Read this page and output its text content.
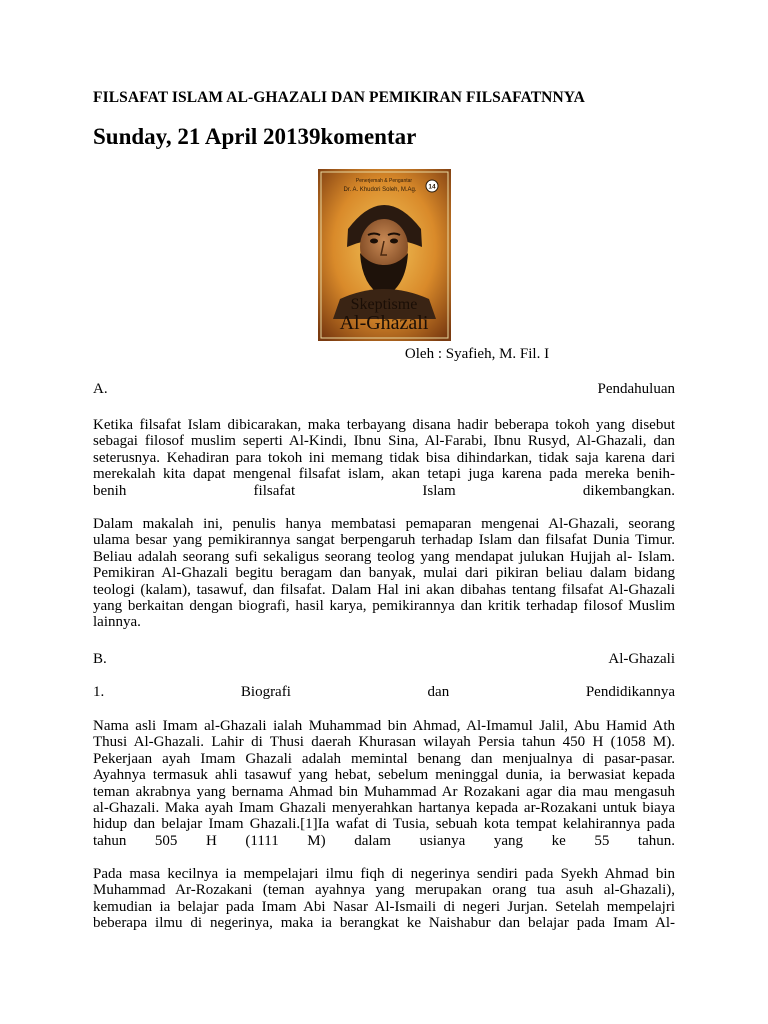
FILSAFAT ISLAM AL-GHAZALI DAN PEMIKIRAN FILSAFATNNYA
Sunday, 21 April 20139komentar
Penerjemah & Pengantar
Dr. A. Khudori Soleh, M.Ag. 14
Skeptisme
Al-Ghazali
Oleh : Syafieh, M. Fil. I
A.	Pendahuluan
Ketika filsafat Islam dibicarakan, maka terbayang disana hadir beberapa tokoh yang disebut
sebagai filosof muslim seperti Al-Kindi, Ibnu Sina, Al-Farabi, Ibnu Rusyd, Al-Ghazali, dan
seterusnya. Kehadiran para tokoh ini memang tidak bisa dihindarkan, tidak saja karena dari
merekalah kita dapat mengenal filsafat islam, akan tetapi juga karena pada mereka benih-
benih filsafat Islam dikembangkan.
Dalam makalah ini, penulis hanya membatasi pemaparan mengenai Al-Ghazali, seorang
ulama besar yang pemikirannya sangat berpengaruh terhadap Islam dan filsafat Dunia Timur.
Beliau adalah seorang sufi sekaligus seorang teolog yang mendapat julukan Hujjah al- Islam.
Pemikiran Al-Ghazali begitu beragam dan banyak, mulai dari pikiran beliau dalam bidang
teologi (kalam), tasawuf, dan filsafat. Dalam Hal ini akan dibahas tentang filsafat Al-Ghazali
yang berkaitan dengan biografi, hasil karya, pemikirannya dan kritik terhadap filosof Muslim
lainnya.
B.	Al-Ghazali
1.	Biografi	dan	Pendidikannya
Nama asli Imam al-Ghazali ialah Muhammad bin Ahmad, Al-Imamul Jalil, Abu Hamid Ath
Thusi Al-Ghazali. Lahir di Thusi daerah Khurasan wilayah Persia tahun 450 H (1058 M).
Pekerjaan ayah Imam Ghazali adalah memintal benang dan menjualnya di pasar-pasar.
Ayahnya termasuk ahli tasawuf yang hebat, sebelum meninggal dunia, ia berwasiat kepada
teman akrabnya yang bernama Ahmad bin Muhammad Ar Rozakani agar dia mau mengasuh
al-Ghazali. Maka ayah Imam Ghazali menyerahkan hartanya kepada ar-Rozakani untuk biaya
hidup dan belajar Imam Ghazali.[1]Ia wafat di Tusia, sebuah kota tempat kelahirannya pada
tahun 505 H (1111 M) dalam usianya yang ke 55 tahun.
Pada masa kecilnya ia mempelajari ilmu fiqh di negerinya sendiri pada Syekh Ahmad bin
Muhammad Ar-Rozakani (teman ayahnya yang merupakan orang tua asuh al-Ghazali),
kemudian ia belajar pada Imam Abi Nasar Al-Ismaili di negeri Jurjan. Setelah mempelajri
beberapa ilmu di negerinya, maka ia berangkat ke Naishabur dan belajar pada Imam Al-
